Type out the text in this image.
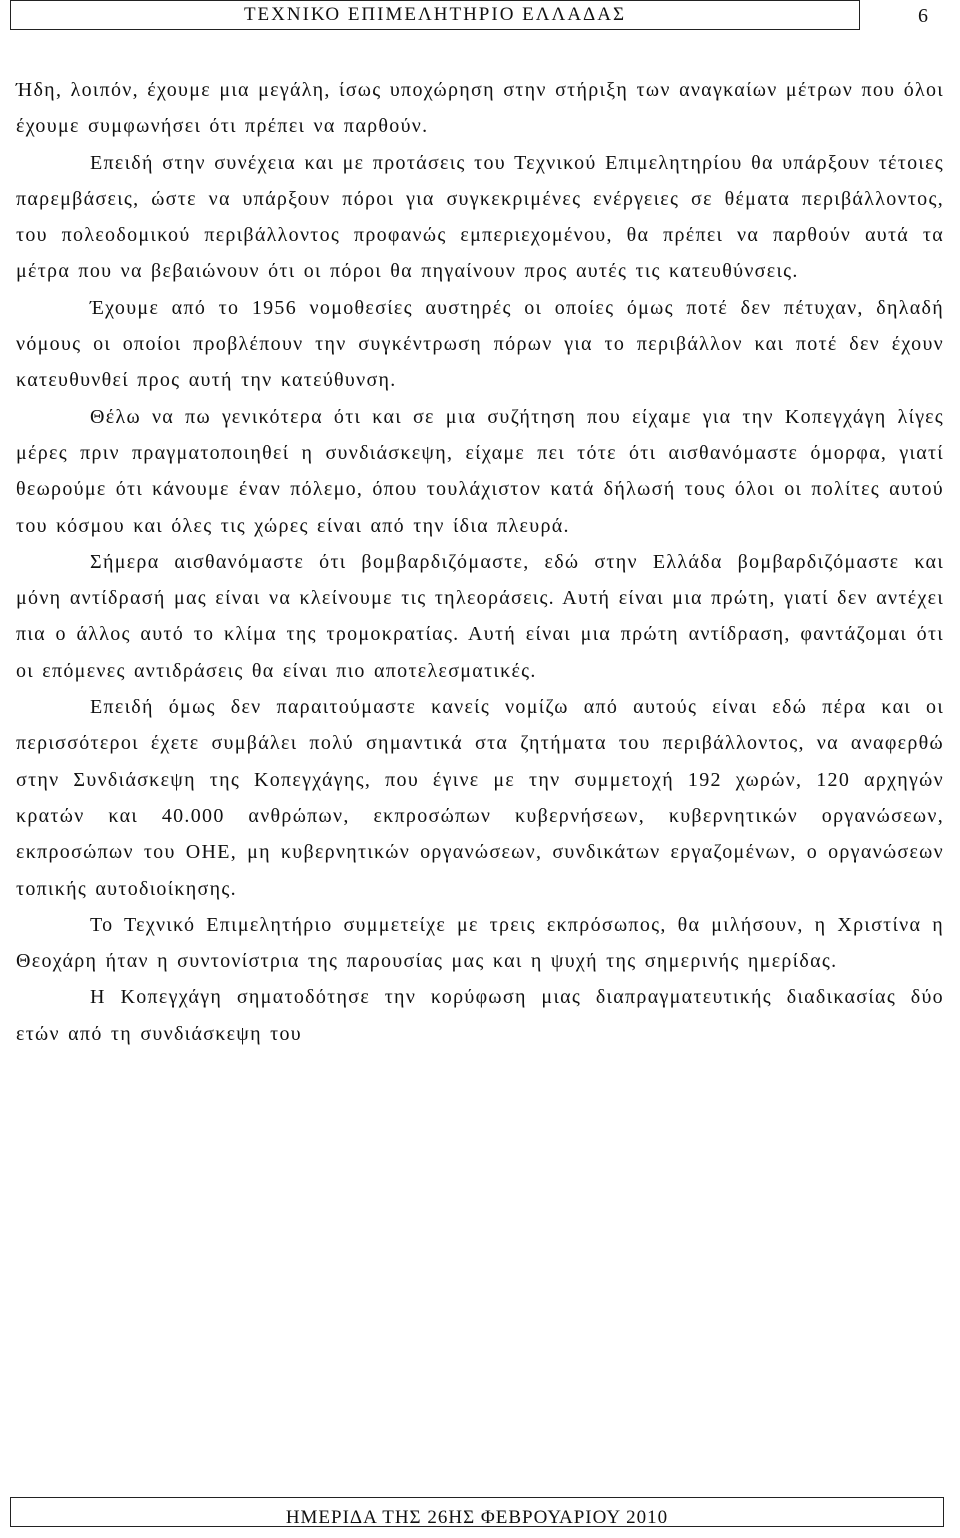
ΤΕΧΝΙΚΟ ΕΠΙΜΕΛΗΤΗΡΙΟ ΕΛΛΑΔΑΣ	6

Ήδη, λοιπόν, έχουμε μια μεγάλη, ίσως υποχώρηση στην στήριξη των αναγκαίων μέτρων που όλοι έχουμε συμφωνήσει ότι πρέπει να παρθούν.

Επειδή στην συνέχεια και με προτάσεις του Τεχνικού Επιμελητηρίου θα υπάρξουν τέτοιες παρεμβάσεις, ώστε να υπάρξουν πόροι για συγκεκριμένες ενέργειες σε θέματα περιβάλλοντος, του πολεοδομικού περιβάλλοντος προφανώς εμπεριεχομένου, θα πρέπει να παρθούν αυτά τα μέτρα που να βεβαιώνουν ότι οι πόροι θα πηγαίνουν προς αυτές τις κατευθύνσεις.

Έχουμε από το 1956 νομοθεσίες αυστηρές οι οποίες όμως ποτέ δεν πέτυχαν, δηλαδή νόμους οι οποίοι προβλέπουν την συγκέντρωση πόρων για το περιβάλλον και ποτέ δεν έχουν κατευθυνθεί προς αυτή την κατεύθυνση.

Θέλω να πω γενικότερα ότι και σε μια συζήτηση που είχαμε για την Κοπεγχάγη λίγες μέρες πριν πραγματοποιηθεί η συνδιάσκεψη, είχαμε πει τότε ότι αισθανόμαστε όμορφα, γιατί θεωρούμε ότι κάνουμε έναν πόλεμο, όπου τουλάχιστον κατά δήλωσή τους όλοι οι πολίτες αυτού του κόσμου και όλες τις χώρες είναι από την ίδια πλευρά.

Σήμερα αισθανόμαστε ότι βομβαρδιζόμαστε, εδώ στην Ελλάδα βομβαρδιζόμαστε και μόνη αντίδρασή μας είναι να κλείνουμε τις τηλεοράσεις. Αυτή είναι μια πρώτη, γιατί δεν αντέχει πια ο άλλος αυτό το κλίμα της τρομοκρατίας. Αυτή είναι μια πρώτη αντίδραση, φαντάζομαι ότι οι επόμενες αντιδράσεις θα είναι πιο αποτελεσματικές.

Επειδή όμως δεν παραιτούμαστε κανείς νομίζω από αυτούς είναι εδώ πέρα και οι περισσότεροι έχετε συμβάλει πολύ σημαντικά στα ζητήματα του περιβάλλοντος, να αναφερθώ στην Συνδιάσκεψη της Κοπεγχάγης, που έγινε με την συμμετοχή 192 χωρών, 120 αρχηγών κρατών και 40.000 ανθρώπων, εκπροσώπων κυβερνήσεων, κυβερνητικών οργανώσεων, εκπροσώπων του ΟΗΕ, μη κυβερνητικών οργανώσεων, συνδικάτων εργαζομένων, ο οργανώσεων τοπικής αυτοδιοίκησης.

Το Τεχνικό Επιμελητήριο συμμετείχε με τρεις εκπρόσωπος, θα μιλήσουν, η Χριστίνα η Θεοχάρη ήταν η συντονίστρια της παρουσίας μας και η ψυχή της σημερινής ημερίδας.

Η Κοπεγχάγη σηματοδότησε την κορύφωση μιας διαπραγματευτικής διαδικασίας δύο ετών από τη συνδιάσκεψη του

ΗΜΕΡΙΔΑ ΤΗΣ 26ΗΣ ΦΕΒΡΟΥΑΡΙΟΥ 2010
